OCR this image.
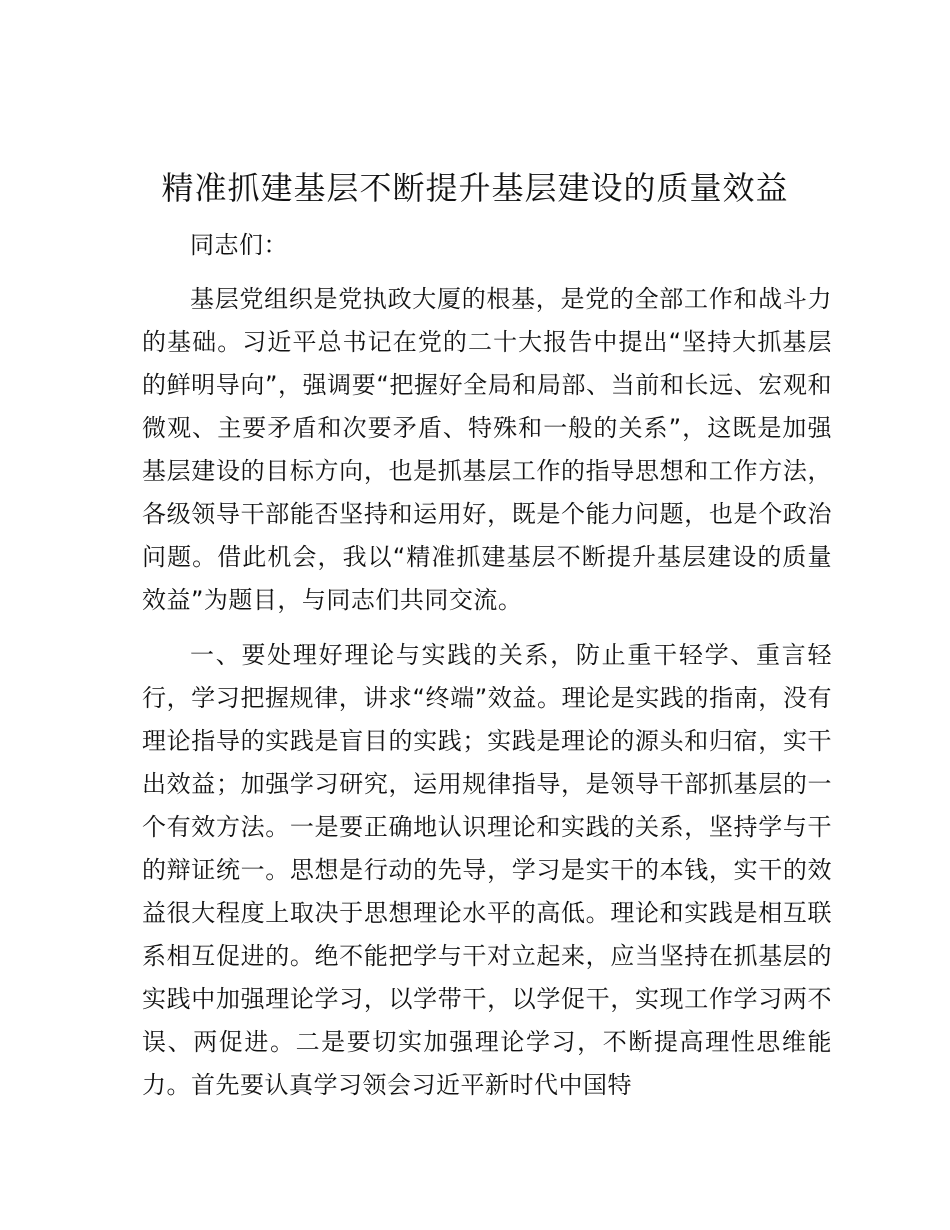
精准抓建基层不断提升基层建设的质量效益

同志们：

基层党组织是党执政大厦的根基，是党的全部工作和战斗力的基础。习近平总书记在党的二十大报告中提出“坚持大抓基层的鲜明导向”，强调要“把握好全局和局部、当前和长远、宏观和微观、主要矛盾和次要矛盾、特殊和一般的关系”，这既是加强基层建设的目标方向，也是抓基层工作的指导思想和工作方法，各级领导干部能否坚持和运用好，既是个能力问题，也是个政治问题。借此机会，我以“精准抓建基层不断提升基层建设的质量效益”为题目，与同志们共同交流。

一、要处理好理论与实践的关系，防止重干轻学、重言轻行，学习把握规律，讲求“终端”效益。理论是实践的指南，没有理论指导的实践是盲目的实践；实践是理论的源头和归宿，实干出效益；加强学习研究，运用规律指导，是领导干部抓基层的一个有效方法。一是要正确地认识理论和实践的关系，坚持学与干的辩证统一。思想是行动的先导，学习是实干的本钱，实干的效益很大程度上取决于思想理论水平的高低。理论和实践是相互联系相互促进的。绝不能把学与干对立起来，应当坚持在抓基层的实践中加强理论学习，以学带干，以学促干，实现工作学习两不误、两促进。二是要切实加强理论学习，不断提高理性思维能力。首先要认真学习领会习近平新时代中国特
